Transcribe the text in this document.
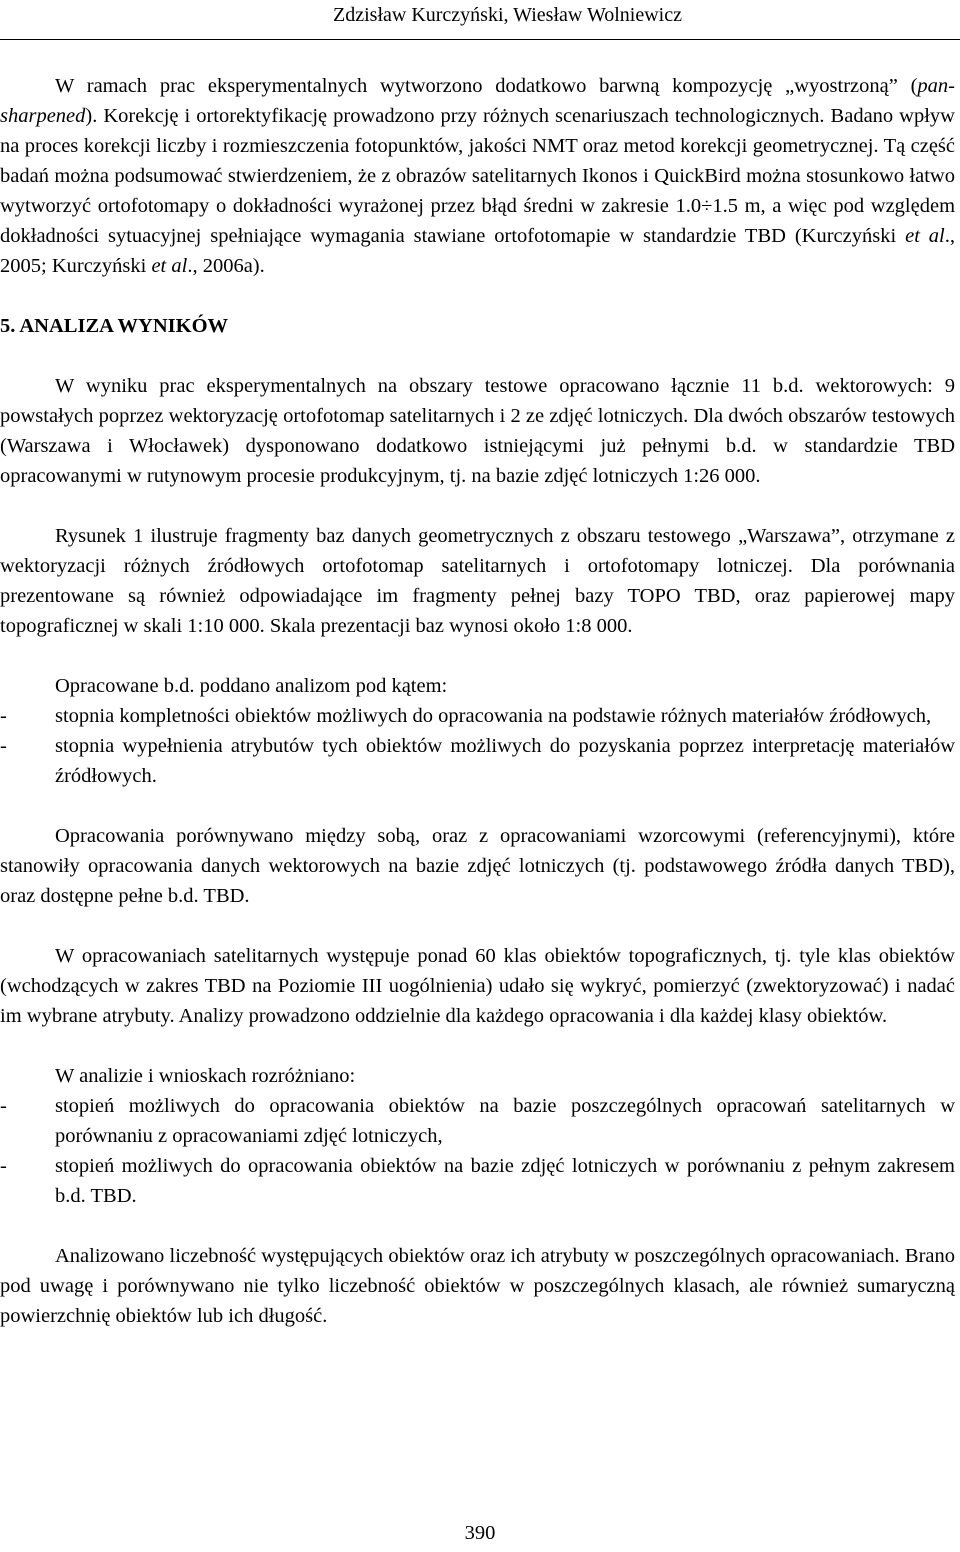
Zdzisław Kurczyński, Wiesław Wolniewicz

W ramach prac eksperymentalnych wytworzono dodatkowo barwną kompozycję „wyostrzoną” (pan-sharpened). Korekcję i ortorektyfikację prowadzono przy różnych scenariuszach technologicznych. Badano wpływ na proces korekcji liczby i rozmieszczenia fotopunktów, jakości NMT oraz metod korekcji geometrycznej. Tą część badań można podsumować stwierdzeniem, że z obrazów satelitarnych Ikonos i QuickBird można stosunkowo łatwo wytworzyć ortofotomapy o dokładności wyrażonej przez błąd średni w zakresie 1.0÷1.5 m, a więc pod względem dokładności sytuacyjnej spełniające wymagania stawiane ortofotomapie w standardzie TBD (Kurczyński et al., 2005; Kurczyński et al., 2006a).

5. ANALIZA WYNIKÓW

W wyniku prac eksperymentalnych na obszary testowe opracowano łącznie 11 b.d. wektorowych: 9 powstałych poprzez wektoryzację ortofotomap satelitarnych i 2 ze zdjęć lotniczych. Dla dwóch obszarów testowych (Warszawa i Włocławek) dysponowano dodatkowo istniejącymi już pełnymi b.d. w standardzie TBD opracowanymi w rutynowym procesie produkcyjnym, tj. na bazie zdjęć lotniczych 1:26 000.

Rysunek 1 ilustruje fragmenty baz danych geometrycznych z obszaru testowego „Warszawa”, otrzymane z wektoryzacji różnych źródłowych ortofotomap satelitarnych i ortofotomapy lotniczej. Dla porównania prezentowane są również odpowiadające im fragmenty pełnej bazy TOPO TBD, oraz papierowej mapy topograficznej w skali 1:10 000. Skala prezentacji baz wynosi około 1:8 000.

Opracowane b.d. poddano analizom pod kątem:

- stopnia kompletności obiektów możliwych do opracowania na podstawie różnych materiałów źródłowych,
- stopnia wypełnienia atrybutów tych obiektów możliwych do pozyskania poprzez interpretację materiałów źródłowych.

Opracowania porównywano między sobą, oraz z opracowaniami wzorcowymi (referencyjnymi), które stanowiły opracowania danych wektorowych na bazie zdjęć lotniczych (tj. podstawowego źródła danych TBD), oraz dostępne pełne b.d. TBD.

W opracowaniach satelitarnych występuje ponad 60 klas obiektów topograficznych, tj. tyle klas obiektów (wchodzących w zakres TBD na Poziomie III uogólnienia) udało się wykryć, pomierzyć (zwektoryzować) i nadać im wybrane atrybuty. Analizy prowadzono oddzielnie dla każdego opracowania i dla każdej klasy obiektów.

W analizie i wnioskach rozróżniano:

- stopień możliwych do opracowania obiektów na bazie poszczególnych opracowań satelitarnych w porównaniu z opracowaniami zdjęć lotniczych,
- stopień możliwych do opracowania obiektów na bazie zdjęć lotniczych w porównaniu z pełnym zakresem b.d. TBD.

Analizowano liczebność występujących obiektów oraz ich atrybuty w poszczególnych opracowaniach. Brano pod uwagę i porównywano nie tylko liczebność obiektów w poszczególnych klasach, ale również sumaryczną powierzchnię obiektów lub ich długość.

390
